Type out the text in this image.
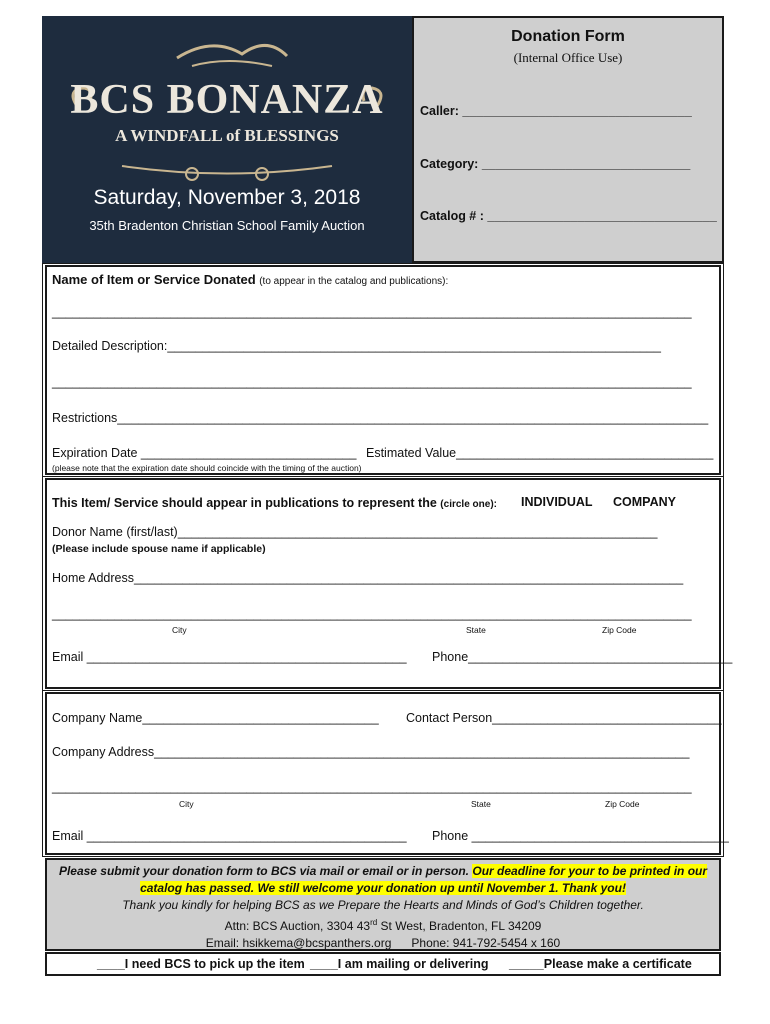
BCS BONANZA
A WINDFALL of BLESSINGS
Saturday, November 3, 2018
35th Bradenton Christian School Family Auction
Donation Form
(Internal Office Use)
Caller: _________________________________
Category: ______________________________
Catalog # : _________________________________
Name of Item or Service Donated (to appear in the catalog and publications):
____________________________________________________________________________________________
Detailed Description:_______________________________________________________________________
____________________________________________________________________________________________
Restrictions_____________________________________________________________________________________
Expiration Date _______________________________ Estimated Value_____________________________________
(please note that the expiration date should coincide with the timing of the auction)
This Item/ Service should appear in publications to represent the (circle one): INDIVIDUAL COMPANY
Donor Name (first/last)_____________________________________________________________________
(Please include spouse name if applicable)
Home Address_______________________________________________________________________________
____________________________________________________________________________________________
City	State	Zip Code
Email ______________________________________________ Phone______________________________________
Company Name__________________________________ Contact Person_________________________________
Company Address_____________________________________________________________________________
____________________________________________________________________________________________
City	State	Zip Code
Email ______________________________________________ Phone _____________________________________

Please submit your donation form to BCS via mail or email or in person. Our deadline for your to be printed in our

catalog has passed. We still welcome your donation up until November 1. Thank you!

Thank you kindly for helping BCS as we Prepare the Hearts and Minds of God’s Children together.

Attn: BCS Auction, 3304 43rd St West, Bradenton, FL 34209

Email: hsikkema@bcspanthers.org Phone: 941-792-5454 x 160

____I need BCS to pick up the item ____I am mailing or delivering _____Please make a certificate
